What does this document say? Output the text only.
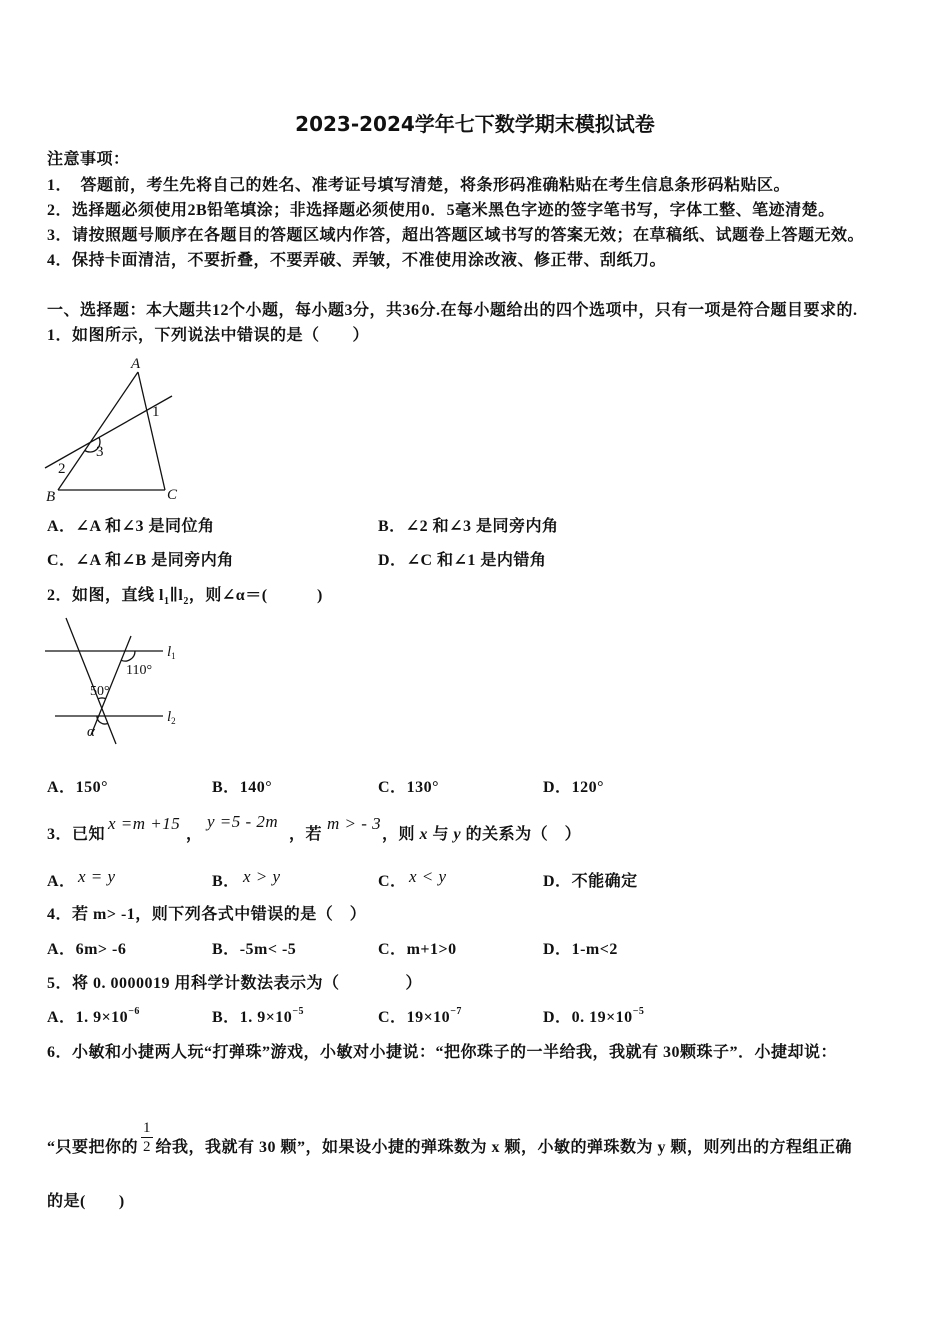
2023-2024学年七下数学期末模拟试卷
注意事项：
1．　答题前，考生先将自己的姓名、准考证号填写清楚，将条形码准确粘贴在考生信息条形码粘贴区。
2．选择题必须使用2B铅笔填涂；非选择题必须使用0．5毫米黑色字迹的签字笔书写，字体工整、笔迹清楚。
3．请按照题号顺序在各题目的答题区域内作答，超出答题区域书写的答案无效；在草稿纸、试题卷上答题无效。
4．保持卡面清洁，不要折叠，不要弄破、弄皱，不准使用涂改液、修正带、刮纸刀。
一、选择题：本大题共12个小题，每小题3分，共36分.在每小题给出的四个选项中，只有一项是符合题目要求的.
1．如图所示，下列说法中错误的是（　　）
A
1
3
2
B	C
A．∠A 和∠3 是同位角	B．∠2 和∠3 是同旁内角
C．∠A 和∠B 是同旁内角	D．∠C 和∠1 是内错角
2．如图，直线 $l_1\parallel l_2$，则∠α＝(　　　)
110°
50°
α
$l_1$
$l_2$
A．150°	B．140°	C．130°	D．120°
3．已知
x =m +15
，
y =5 - 2m
，若
m > - 3
，则 x 与 y 的关系为（　）
A． x = y	B． x > y	C． x < y	D．不能确定
4．若 m> -1，则下列各式中错误的是（　）
A．6m> -6	B．-5m< -5	C．m+1>0	D．1-m<2
5．将 0. 0000019 用科学计数法表示为（　　　　）
A．1. $9\times 10^{-6}$	B．1. $9\times 10^{-5}$	C．$19\times 10^{-7}$	D．0. $19\times 10^{-5}$
6．小敏和小捷两人玩“打弹珠”游戏，小敏对小捷说：“把你珠子的一半给我，我就有 30颗珠子”．小捷却说：
“只要把你的 $\frac{1}{2}$ 给我，我就有 30 颗”，如果设小捷的弹珠数为 x 颗，小敏的弹珠数为 y 颗，则列出的方程组正确
的是(　　)
